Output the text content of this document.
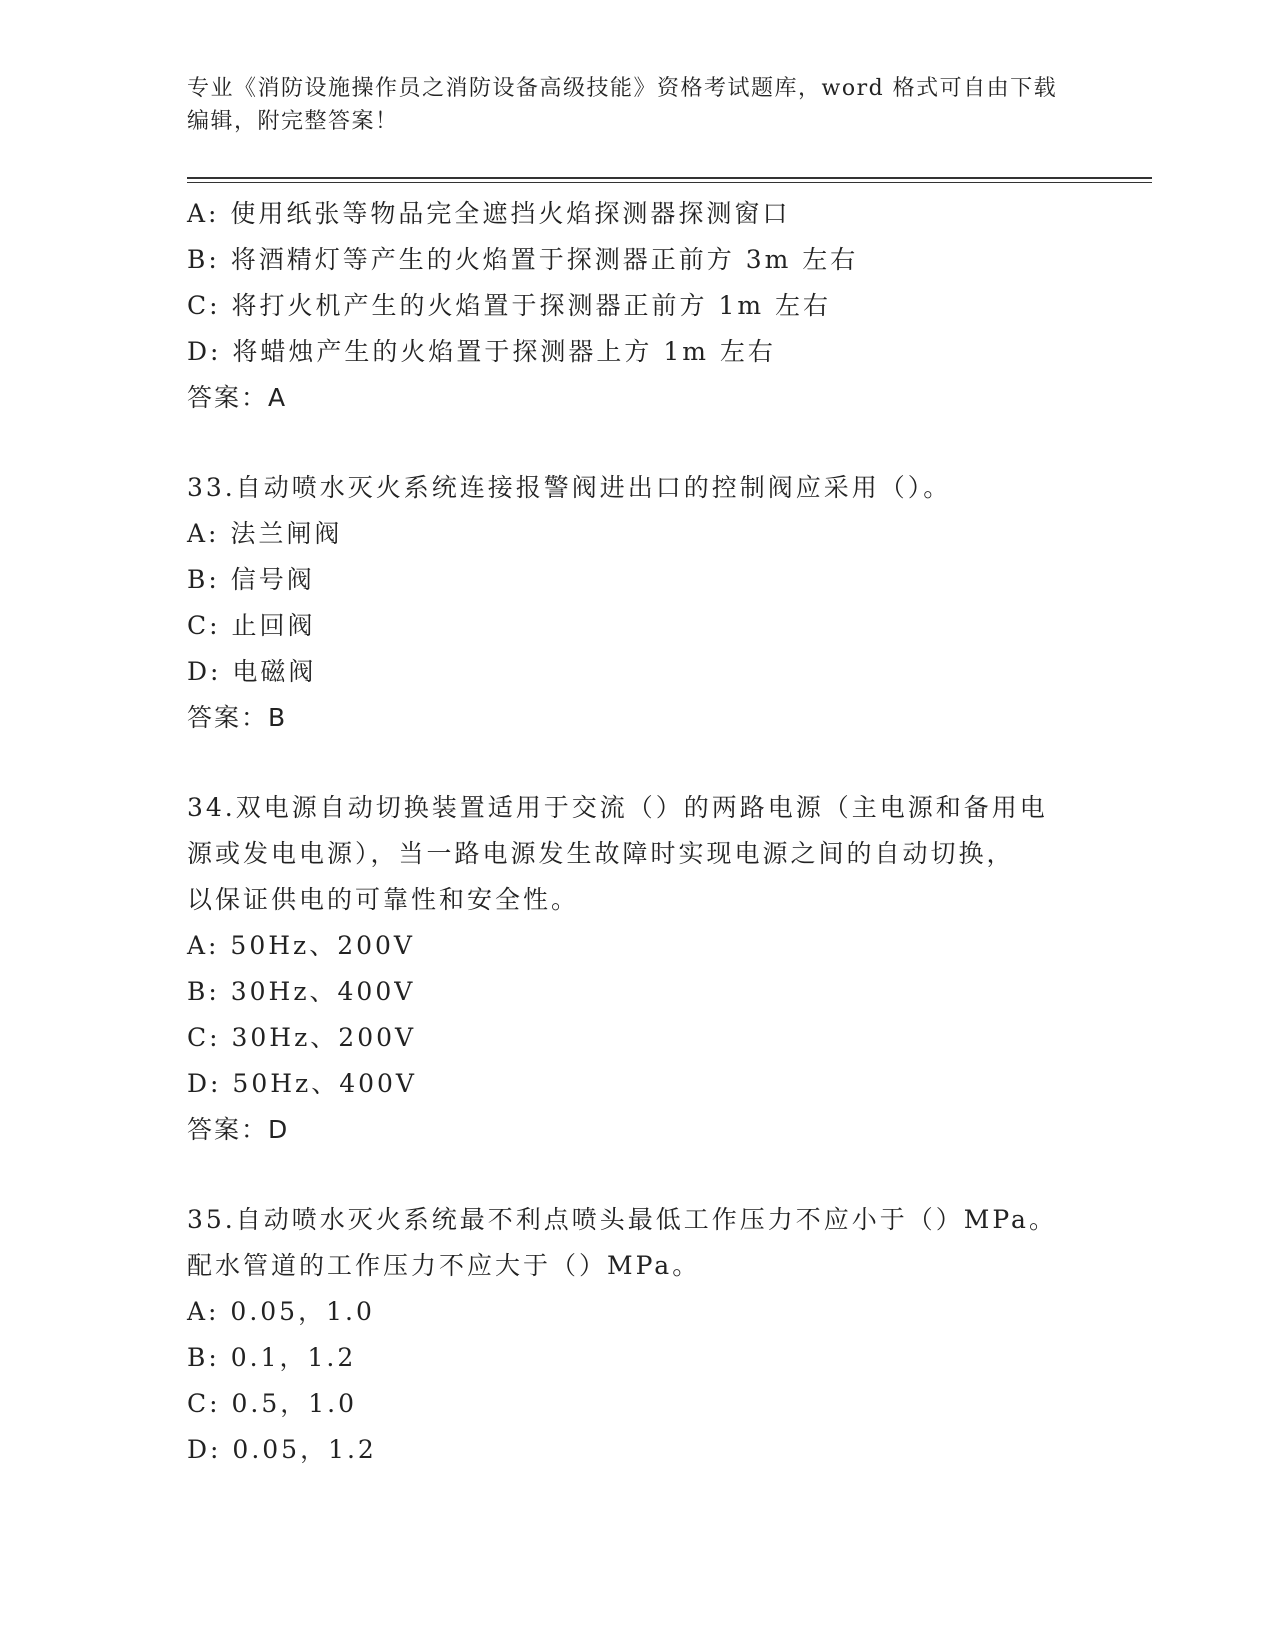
专业《消防设施操作员之消防设备高级技能》资格考试题库，word 格式可自由下载编辑，附完整答案！
A: 使用纸张等物品完全遮挡火焰探测器探测窗口
B: 将酒精灯等产生的火焰置于探测器正前方 3m 左右
C: 将打火机产生的火焰置于探测器正前方 1m 左右
D: 将蜡烛产生的火焰置于探测器上方 1m 左右
答案：A
33.自动喷水灭火系统连接报警阀进出口的控制阀应采用（）。
A: 法兰闸阀
B: 信号阀
C: 止回阀
D: 电磁阀
答案：B
34.双电源自动切换装置适用于交流（）的两路电源（主电源和备用电
源或发电电源），当一路电源发生故障时实现电源之间的自动切换，
以保证供电的可靠性和安全性。
A: 50Hz、200V
B: 30Hz、400V
C: 30Hz、200V
D: 50Hz、400V
答案：D
35.自动喷水灭火系统最不利点喷头最低工作压力不应小于（）MPa。
配水管道的工作压力不应大于（）MPa。
A: 0.05，1.0
B: 0.1，1.2
C: 0.5，1.0
D: 0.05，1.2
